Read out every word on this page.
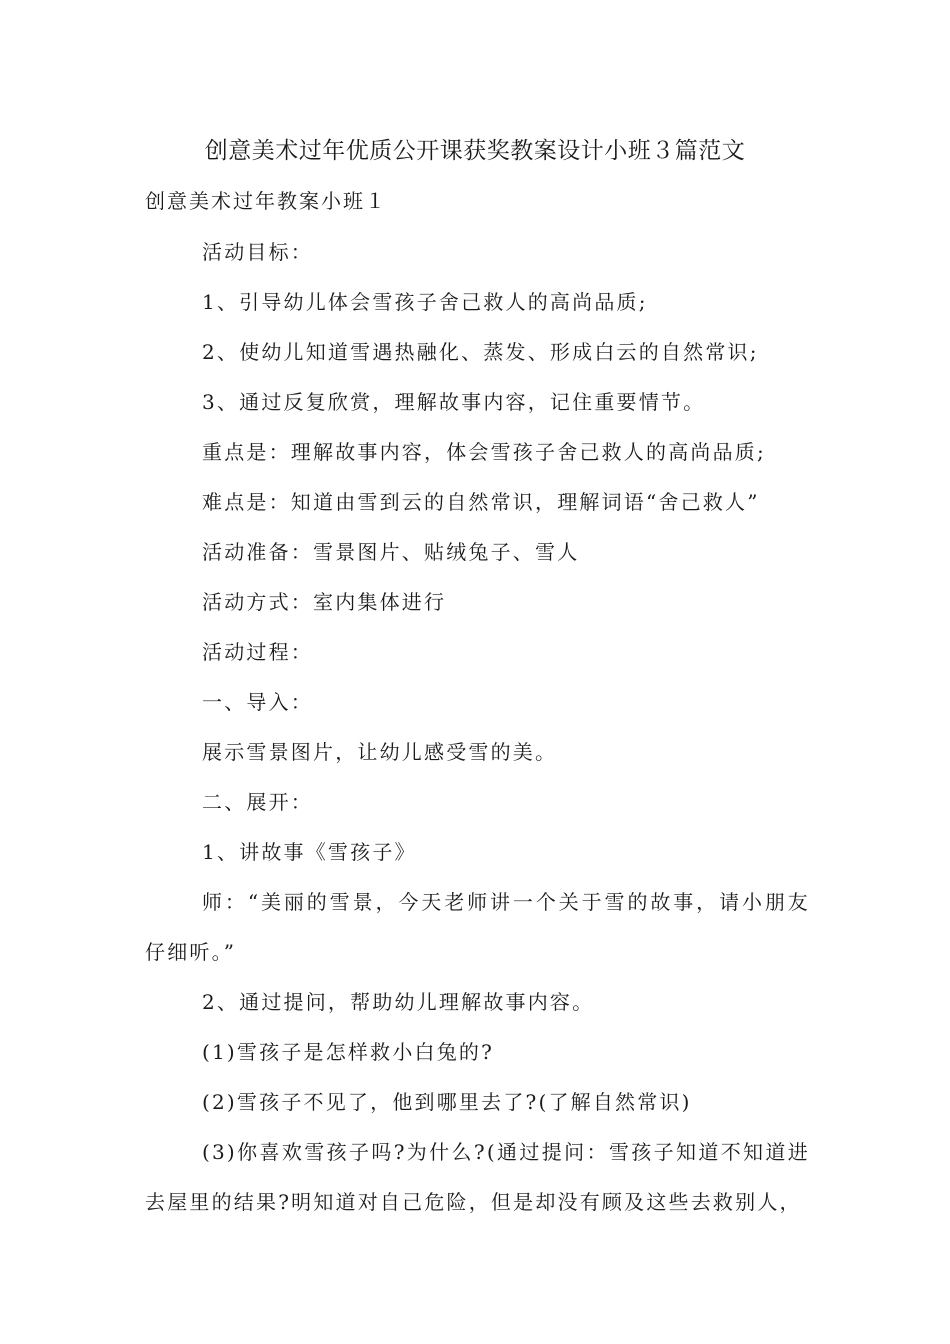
创意美术过年优质公开课获奖教案设计小班３篇范文
创意美术过年教案小班１
活动目标：
1、引导幼儿体会雪孩子舍己救人的高尚品质;
2、使幼儿知道雪遇热融化、蒸发、形成白云的自然常识;
3、通过反复欣赏，理解故事内容，记住重要情节。
重点是：理解故事内容，体会雪孩子舍己救人的高尚品质;
难点是：知道由雪到云的自然常识，理解词语“舍己救人”
活动准备：雪景图片、贴绒兔子、雪人
活动方式：室内集体进行
活动过程：
一、导入：
展示雪景图片，让幼儿感受雪的美。
二、展开：
1、讲故事《雪孩子》
师：“美丽的雪景，今天老师讲一个关于雪的故事，请小朋友仔细听。”
2、通过提问，帮助幼儿理解故事内容。
(1)雪孩子是怎样救小白兔的?
(2)雪孩子不见了，他到哪里去了?(了解自然常识)
(3)你喜欢雪孩子吗?为什么?(通过提问：雪孩子知道不知道进去屋里的结果?明知道对自己危险，但是却没有顾及这些去救别人，
